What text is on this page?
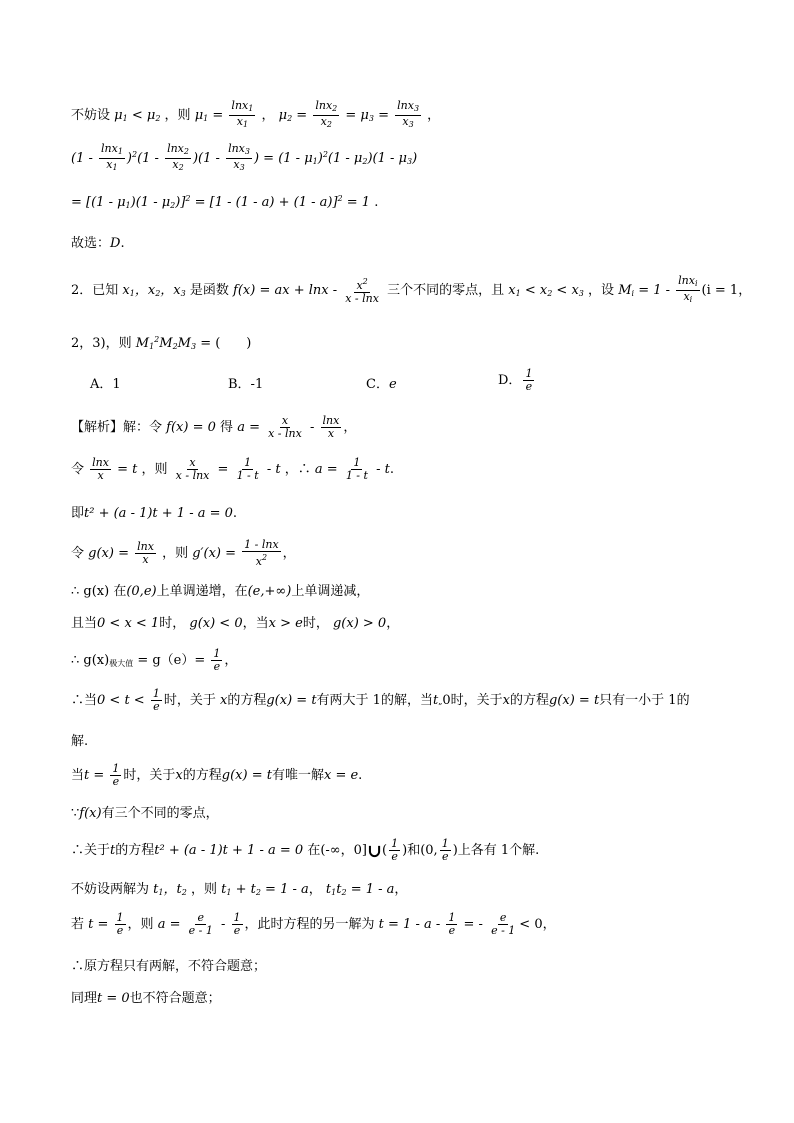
不妨设 $\mu_1 < \mu_2$ ，则 $\mu_1 = \frac{\ln x_1}{x_1}$ ， $\mu_2 = \frac{\ln x_2}{x_2} = \mu_3 = \frac{\ln x_3}{x_3}$ ，
$(1 - \frac{\ln x_1}{x_1} )^2(1 - \frac{\ln x_2}{x_2} )(1 - \frac{\ln x_3}{x_3}$ ) = $(1 - \mu_1)^2(1 - \mu_2)(1 - \mu_3)$
= $[(1 - \mu_1)(1 - \mu_2)]^2 = [1 - (1 - a) + (1 - a)]^2 = 1$ .
故选：D.
2．已知 $x_1$，$x_2$，$x_3$ 是函数 f(x) = ax + lnx - $\frac{x^2}{x - \ln x}$ 三个不同的零点，且 $x_1 < x_2 < x_3$ ，设 $M_i = 1 - \frac{\ln x_i}{x_i} (i = 1$，
2，3)，则 $M_1^2M_2M_3$ = (　　)
A．1	B．-1	C．e	D． $\frac{1}{e}$
【解析】解：令 f(x) = 0 得 $a = \frac{x}{x - \ln x} - \frac{\ln x}{x}$ ，
令 $\frac{\ln x}{x} = t$ ，则 $\frac{x}{x - \ln x} = \frac{1}{1 - t} - t$ ，∴ $a = \frac{1}{1 - t} - t$.
即t² + (a - 1)t + 1 - a = 0.
令 $g(x) = \frac{\ln x}{x}$ ，则 $g'(x) = \frac{1 - \ln x}{x^2}$ ，
∴ g(x) 在(0,e)上单调递增，在(e,+∞)上单调递减，
且当0 < x < 1时， g(x) < 0，当x > e时， g(x) > 0，
∴ $g(x)_{极大值} = g(e)= \frac{1}{e}$ ，
∴当$0 < t < \frac{1}{e}$ 时，关于 x的方程g(x) = t有两大于 1的解，当t„0时，关于x的方程g(x) = t只有一小于 1的
解.
当$t = \frac{1}{e}$ 时，关于x的方程g(x) = t有唯一解x = e.
∵f(x)有三个不同的零点，
∴关于t的方程t² + (a - 1)t + 1 - a = 0 在(-∞，0]∪( $\frac{1}{e}$ )和(0, $\frac{1}{e}$ )上各有 1个解.
不妨设两解为 $t_1$，$t_2$ ，则 $t_1 + t_2 = 1 - a$， $t_1t_2 = 1 - a$，
若 $t = \frac{1}{e}$ ，则 $a = \frac{e}{e - 1} - \frac{1}{e}$ ，此时方程的另一解为 $t = 1 - a - \frac{1}{e}$ = - $\frac{e}{e - 1} < 0$，
∴原方程只有两解，不符合题意；
同理t = 0也不符合题意；
